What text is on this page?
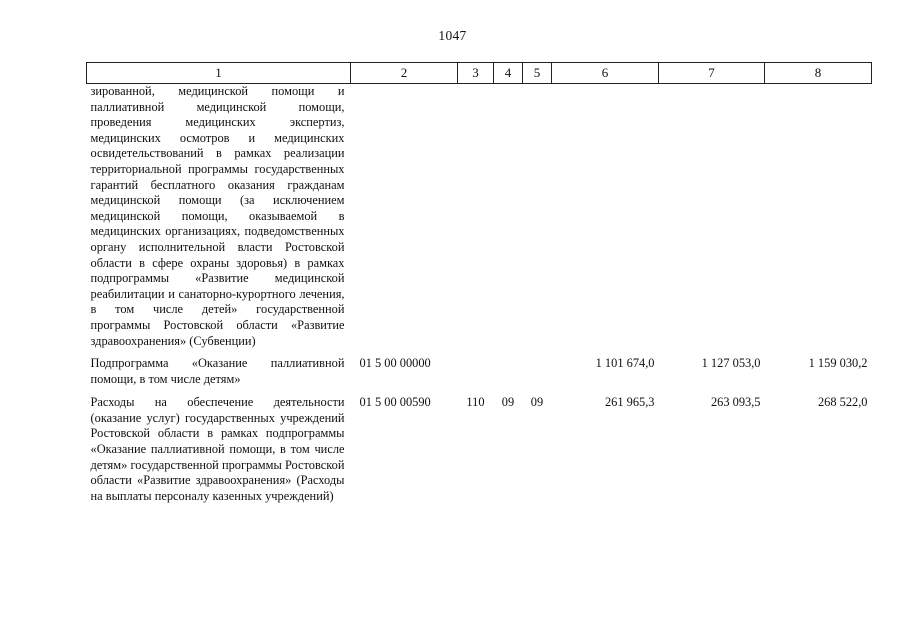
1047
1	2	3	4	5	6	7	8
зированной, медицинской помощи и паллиативной медицинской помощи, проведения медицинских экспертиз, медицинских осмотров и медицинских освидетельствований в рамках реализации территориальной программы государственных гарантий бесплатного оказания гражданам медицинской помощи (за исключением медицинской помощи, оказываемой в медицинских организациях, подведомственных органу исполнительной власти Ростовской области в сфере охраны здоровья) в рамках подпрограммы «Развитие медицинской реабилитации и санаторно-курортного лечения, в том числе детей» государственной программы Ростовской области «Развитие здравоохранения» (Субвенции)							
Подпрограмма «Оказание паллиативной помощи, в том числе детям»	01 5 00 00000				1 101 674,0	1 127 053,0	1 159 030,2
Расходы на обеспечение деятельности (оказание услуг) государственных учреждений Ростовской области в рамках подпрограммы «Оказание паллиативной помощи, в том числе детям» государственной программы Ростовской области «Развитие здравоохранения» (Расходы на выплаты персоналу казенных учреждений)	01 5 00 00590	110	09	09	261 965,3	263 093,5	268 522,0
